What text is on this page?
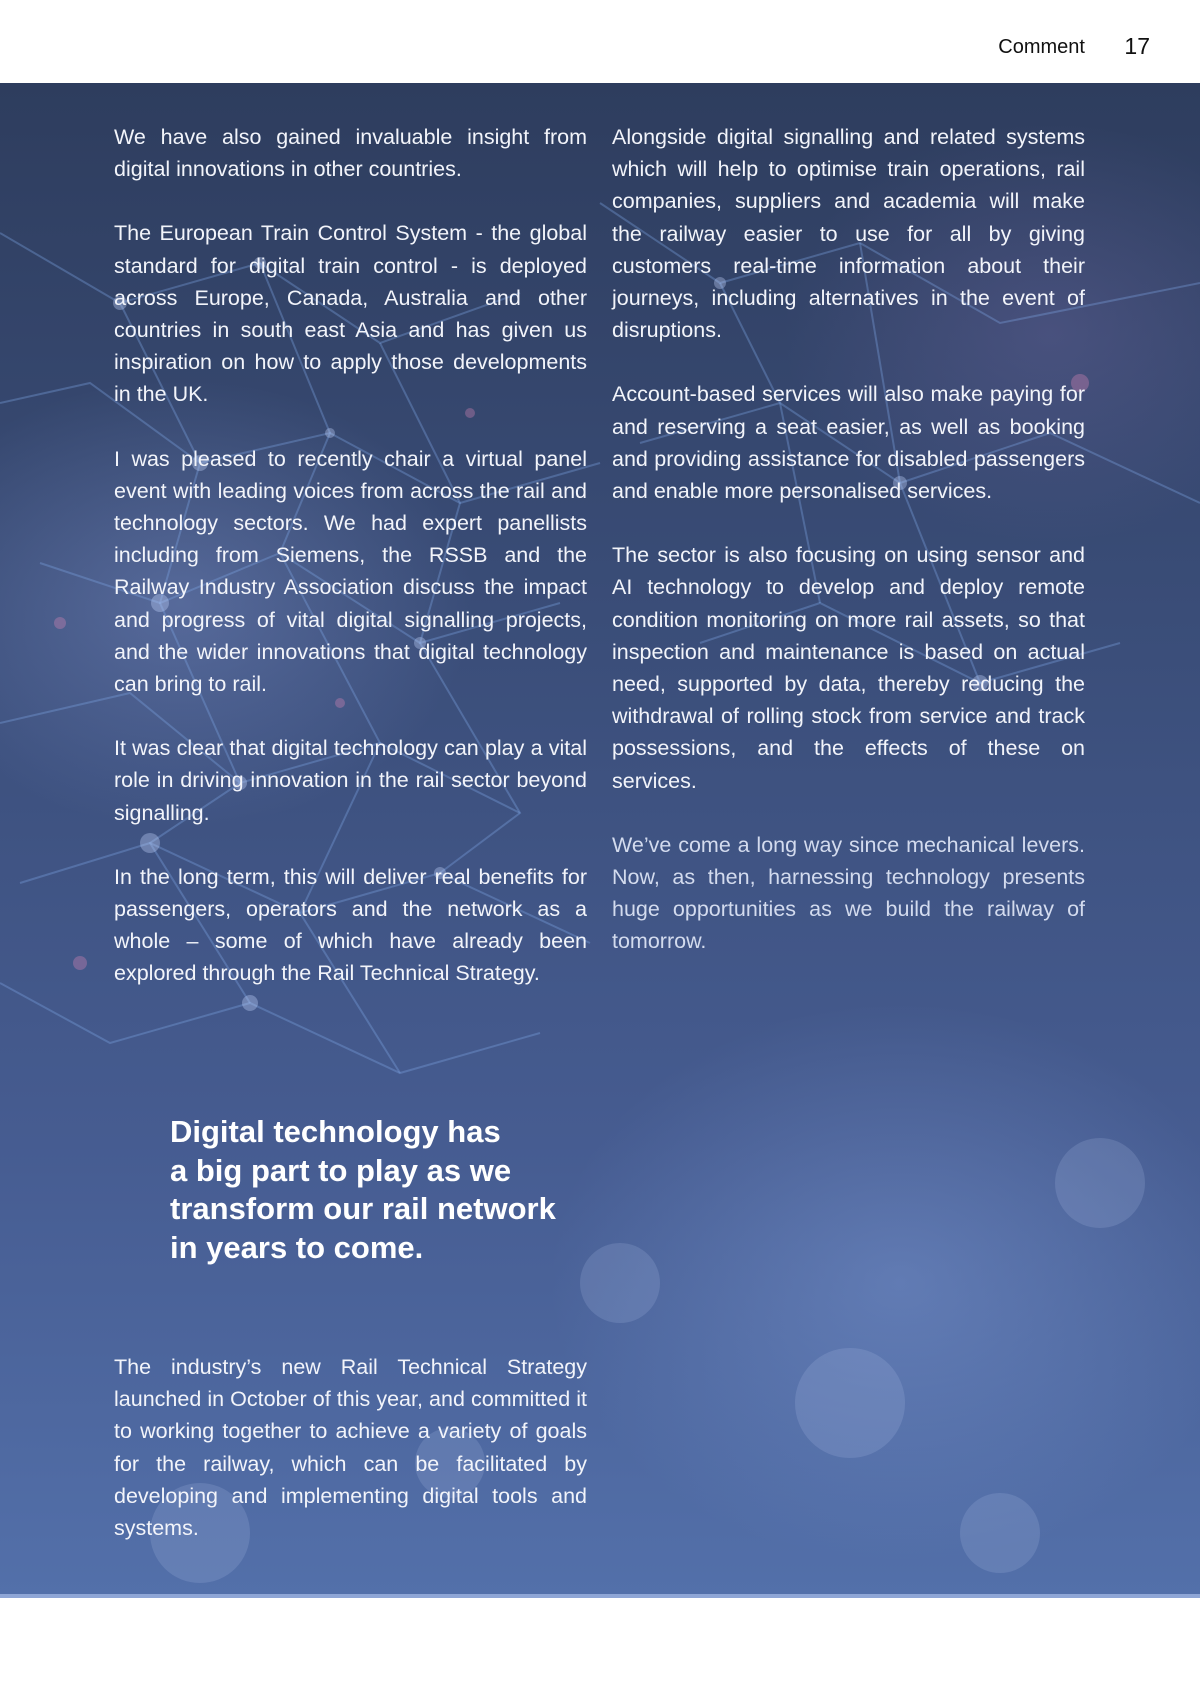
Comment 17

We have also gained invaluable insight from digital innovations in other countries.

The European Train Control System - the global standard for digital train control - is deployed across Europe, Canada, Australia and other countries in south east Asia and has given us inspiration on how to apply those developments in the UK.

I was pleased to recently chair a virtual panel event with leading voices from across the rail and technology sectors. We had expert panellists including from Siemens, the RSSB and the Railway Industry Association discuss the impact and progress of vital digital signalling projects, and the wider innovations that digital technology can bring to rail.

It was clear that digital technology can play a vital role in driving innovation in the rail sector beyond signalling.

In the long term, this will deliver real benefits for passengers, operators and the network as a whole – some of which have already been explored through the Rail Technical Strategy.

Alongside digital signalling and related systems which will help to optimise train operations, rail companies, suppliers and academia will make the railway easier to use for all by giving customers real-time information about their journeys, including alternatives in the event of disruptions.

Account-based services will also make paying for and reserving a seat easier, as well as booking and providing assistance for disabled passengers and enable more personalised services.

The sector is also focusing on using sensor and AI technology to develop and deploy remote condition monitoring on more rail assets, so that inspection and maintenance is based on actual need, supported by data, thereby reducing the withdrawal of rolling stock from service and track possessions, and the effects of these on services.

We’ve come a long way since mechanical levers. Now, as then, harnessing technology presents huge opportunities as we build the railway of tomorrow.

Digital technology has
a big part to play as we
transform our rail network
in years to come.

The industry’s new Rail Technical Strategy launched in October of this year, and committed it to working together to achieve a variety of goals for the railway, which can be facilitated by developing and implementing digital tools and systems.
